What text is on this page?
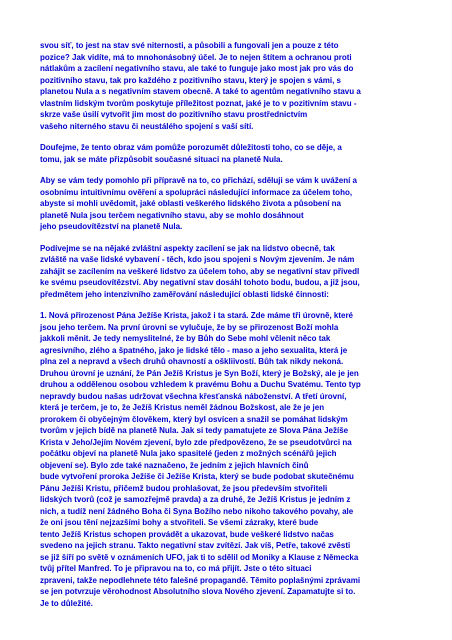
svou síť, to jest na stav své niternosti, a působili a fungovali jen a pouze z této
pozice? Jak vidíte, má to mnohonásobný účel. Je to nejen štítem a ochranou proti
nátlakům a zacílení negativního stavu, ale také to funguje jako most jak pro vás do
pozitivního stavu, tak pro každého z pozitivního stavu, který je spojen s vámi, s
planetou Nula a s negativním stavem obecně. A také to agentům negativního stavu a
vlastním lidským tvorům poskytuje příležitost poznat, jaké je to v pozitivním stavu -
skrze vaše úsilí vytvořit jim most do pozitivního stavu prostřednictvím
vašeho niterného stavu či neustálého spojení s vaší sítí.

Doufejme, že tento obraz vám pomůže porozumět důležitosti toho, co se děje, a
tomu, jak se máte přizpůsobit současné situaci na planetě Nula.

Aby se vám tedy pomohlo při přípravě na to, co přichází, sděluji se vám k uvážení a
osobnímu intuitivnímu ověření a spolupráci následující informace za účelem toho,
abyste si mohli uvědomit, jaké oblasti veškerého lidského života a působení na
planetě Nula jsou terčem negativního stavu, aby se mohlo dosáhnout
jeho pseudovítězství na planetě Nula.

Podívejme se na nějaké zvláštní aspekty zacílení se jak na lidstvo obecně, tak
zvláště na vaše lidské vybavení - těch, kdo jsou spojeni s Novým zjevením. Je nám
zahájit se zacílením na veškeré lidstvo za účelem toho, aby se negativní stav přivedl
ke svému pseudovítězství. Aby negativní stav dosáhl tohoto bodu, budou, a již jsou,
předmětem jeho intenzivního zaměřování následující oblasti lidské činnosti:

1. Nová přirozenost Pána Ježíše Krista, jakož i ta stará. Zde máme tři úrovně, které
jsou jeho terčem. Na první úrovni se vylučuje, že by se přirozenost Boží mohla
jakkoli měnit. Je tedy nemyslitelné, že by Bůh do Sebe mohl včlenit něco tak
agresivního, zlého a špatného, jako je lidské tělo - maso a jeho sexualita, která je
plna zel a nepravd a všech druhů ohavností a oškliivostí. Bůh tak nikdy nekoná.
Druhou úrovní je uznání, že Pán Ježíš Kristus je Syn Boží, který je Božský, ale je jen
druhou a oddělenou osobou vzhledem k pravému Bohu a Duchu Svatému. Tento typ
nepravdy budou našas udržovat všechna křesťanská náboženství. A třetí úrovní,
která je terčem, je to, že Ježíš Kristus neměl žádnou Božskost, ale že je jen
prorokem či obyčejným člověkem, který byl osvícen a snažil se pomáhat lidským
tvorům v jejich bídě na planetě Nula. Jak si tedy pamatujete ze Slova Pána Ježíše
Krista v Jeho/Jejím Novém zjevení, bylo zde předpovězeno, že se pseudotvůrci na
počátku objeví na planetě Nula jako spasitelé (jeden z možných scénářů jejich
objevení se). Bylo zde také naznačeno, že jedním z jejich hlavních činů
bude vytvoření proroka Ježíše či Ježíše Krista, který se bude podobat skutečnému
Pánu Ježíši Kristu, přičemž budou prohlašovat, že jsou především stvořiteli
lidských tvorů (což je samozřejmě pravda) a za druhé, že Ježíš Kristus je jedním z
nich, a tudíž není žádného Boha či Syna Božího nebo nikoho takového povahy, ale
že oni jsou tění nejzazšími bohy a stvořiteli. Se všemi zázraky, které bude
tento Ježíš Kristus schopen provádět a ukazovat, bude veškeré lidstvo načas
svedeno na jejich stranu. Takto negativní stav zvítězí. Jak víš, Petře, takové zvěsti
se již šíří po světě v oznámeních UFO, jak ti to sdělil od Moniky a Klause z Německa
tvůj přítel Manfred. To je připravou na to, co má přijít. Jste o této situaci
zpraveni, takže nepodlehnete této falešné propagandě. Těmito poplašnými zprávami
se jen potvrzuje věrohodnost Absolutního slova Nového zjevení. Zapamatujte si to.
Je to důležité.
